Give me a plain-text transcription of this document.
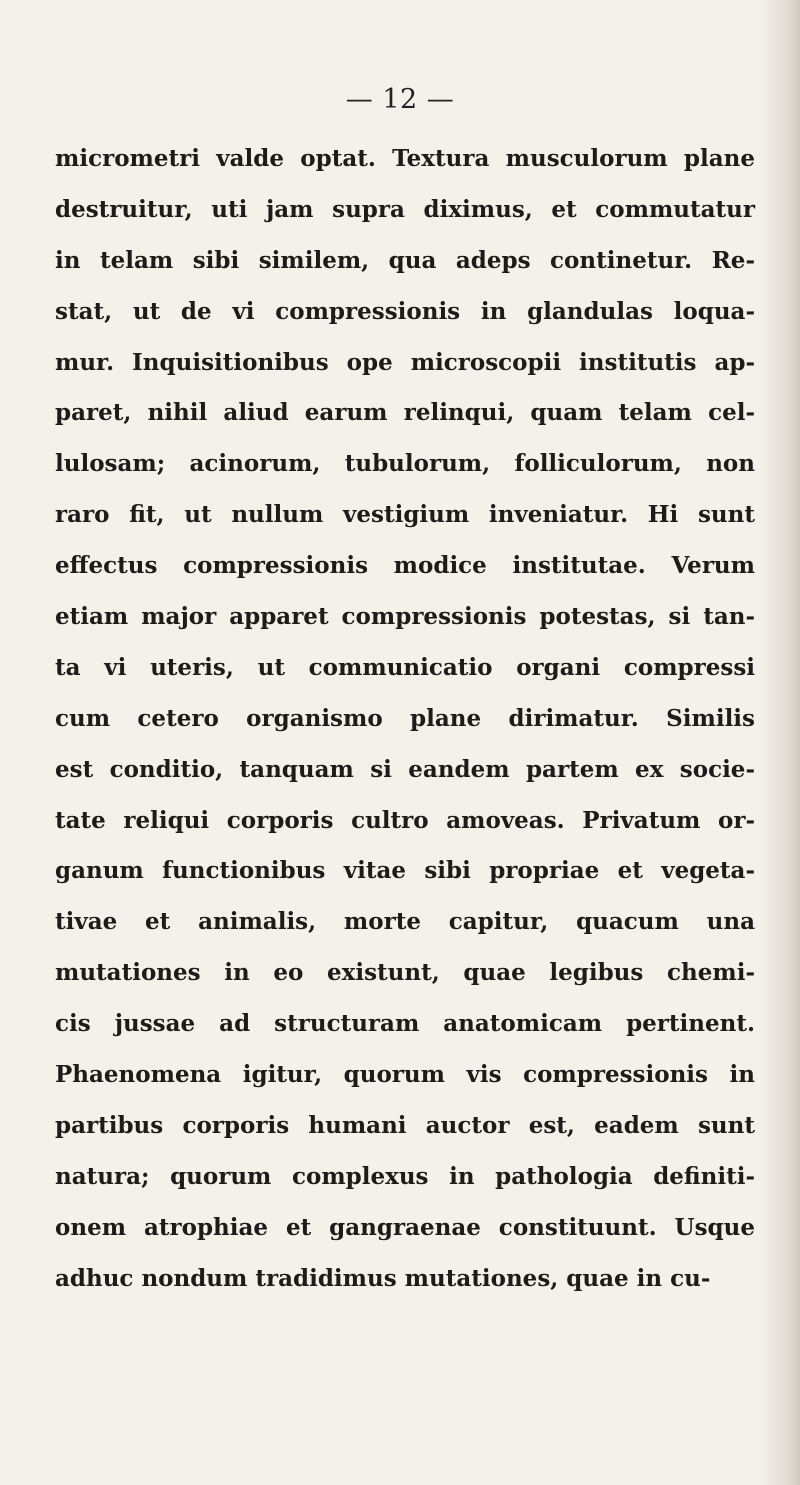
— 12 —
micrometri valde optat. Textura musculorum plane
destruitur, uti jam supra diximus, et commutatur
in telam sibi similem, qua adeps continetur. Re-
stat, ut de vi compressionis in glandulas loqua-
mur. Inquisitionibus ope microscopii institutis ap-
paret, nihil aliud earum relinqui, quam telam cel-
lulosam; acinorum, tubulorum, folliculorum, non
raro fit, ut nullum vestigium inveniatur. Hi sunt
effectus compressionis modice institutae. Verum
etiam major apparet compressionis potestas, si tan-
ta vi uteris, ut communicatio organi compressi
cum cetero organismo plane dirimatur. Similis
est conditio, tanquam si eandem partem ex socie-
tate reliqui corporis cultro amoveas. Privatum or-
ganum functionibus vitae sibi propriae et vegeta-
tivae et animalis, morte capitur, quacum una
mutationes in eo existunt, quae legibus chemi-
cis jussae ad structuram anatomicam pertinent.
Phaenomena igitur, quorum vis compressionis in
partibus corporis humani auctor est, eadem sunt
natura; quorum complexus in pathologia definiti-
onem atrophiae et gangraenae constituunt. Usque
adhuc nondum tradidimus mutationes, quae in cu-
